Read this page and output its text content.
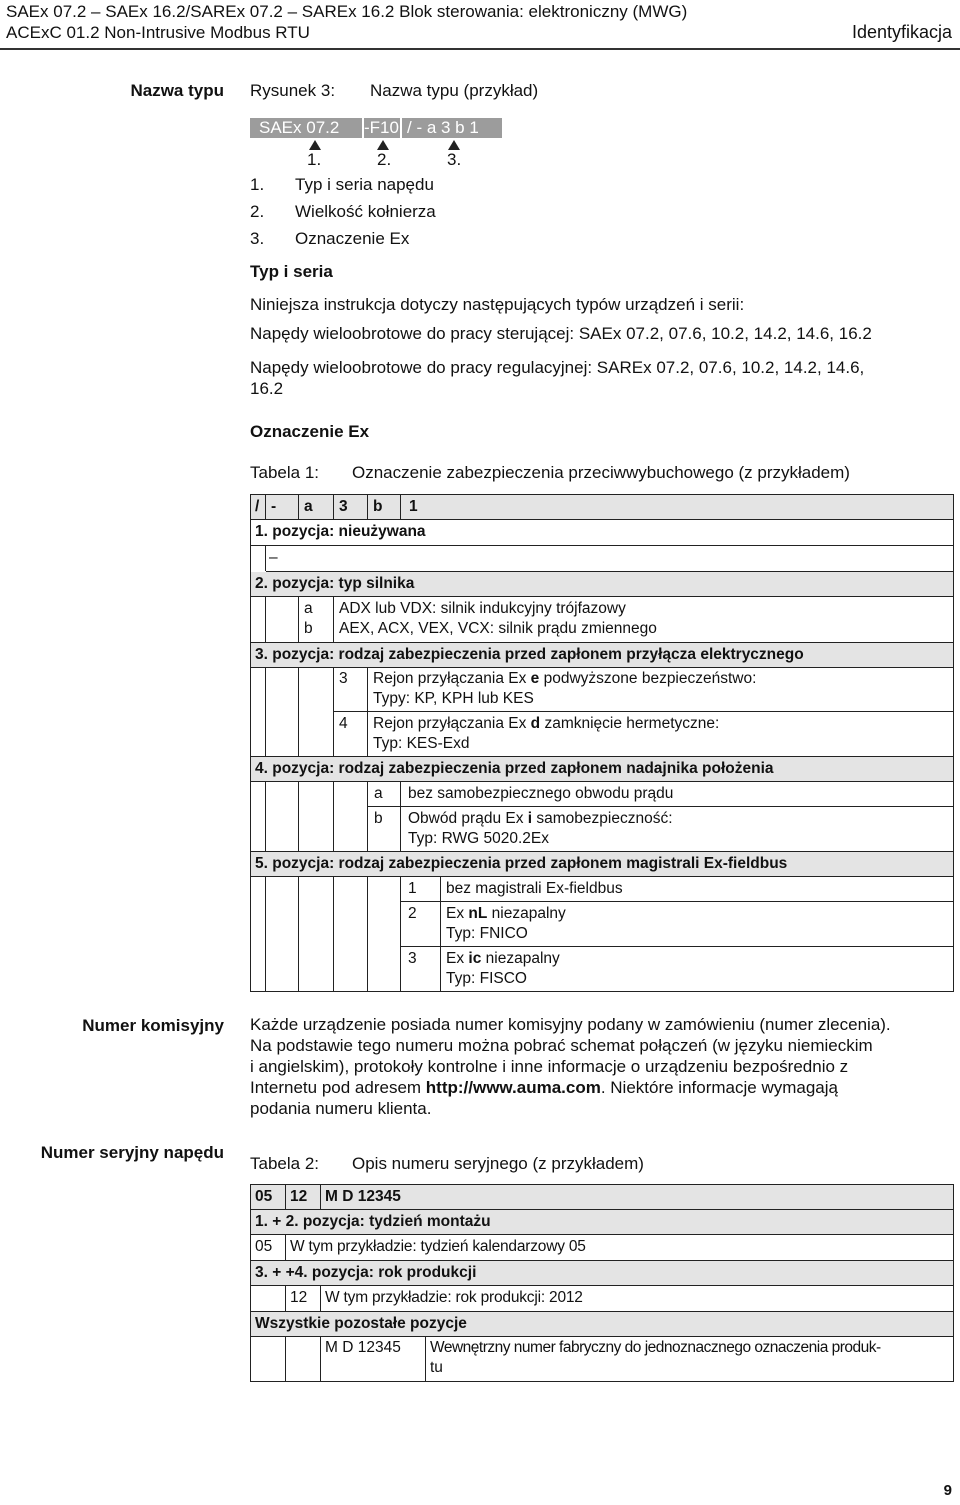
SAEx 07.2 – SAEx 16.2/SAREx 07.2 – SAREx 16.2 Blok sterowania: elektroniczny (MWG)
ACExC 01.2 Non-Intrusive Modbus RTU	Identyfikacja
Nazwa typu
Numer komisyjny
Numer seryjny napędu
Rysunek 3: Nazwa typu (przykład)
SAEx 07.2 -F10 / - a 3 b 1
1.	2.	3.
1. Typ i seria napędu
2. Wielkość kołnierza
3. Oznaczenie Ex
Typ i seria
Niniejsza instrukcja dotyczy następujących typów urządzeń i serii:
Napędy wieloobrotowe do pracy sterującej: SAEx 07.2, 07.6, 10.2, 14.2, 14.6, 16.2
Napędy wieloobrotowe do pracy regulacyjnej: SAREx 07.2, 07.6, 10.2, 14.2, 14.6,
16.2
Oznaczenie Ex
Tabela 1: Oznaczenie zabezpieczenia przeciwwybuchowego (z przykładem)
/ - a 3 b 1
1. pozycja: nieużywana
–
2. pozycja: typ silnika
a ADX lub VDX: silnik indukcyjny trójfazowy
b AEX, ACX, VEX, VCX: silnik prądu zmiennego
3. pozycja: rodzaj zabezpieczenia przed zapłonem przyłącza elektrycznego
3 Rejon przyłączania Ex e podwyższone bezpieczeństwo:
Typy: KP, KPH lub KES
4 Rejon przyłączania Ex d zamknięcie hermetyczne:
Typ: KES-Exd
4. pozycja: rodzaj zabezpieczenia przed zapłonem nadajnika położenia
a bez samobezpiecznego obwodu prądu
b Obwód prądu Ex i samobezpieczność:
Typ: RWG 5020.2Ex
5. pozycja: rodzaj zabezpieczenia przed zapłonem magistrali Ex-fieldbus
1 bez magistrali Ex-fieldbus
2 Ex nL niezapalny
Typ: FNICO
3 Ex ic niezapalny
Typ: FISCO
Każde urządzenie posiada numer komisyjny podany w zamówieniu (numer zlecenia).
Na podstawie tego numeru można pobrać schemat połączeń (w języku niemieckim
i angielskim), protokoły kontrolne i inne informacje o urządzeniu bezpośrednio z
Internetu pod adresem http://www.auma.com. Niektóre informacje wymagają
podania numeru klienta.
Tabela 2: Opis numeru seryjnego (z przykładem)
05 12 M D 12345
1. + 2. pozycja: tydzień montażu
05 W tym przykładzie: tydzień kalendarzowy 05
3. + +4. pozycja: rok produkcji
12 W tym przykładzie: rok produkcji: 2012
Wszystkie pozostałe pozycje
M D 12345 Wewnętrzny numer fabryczny do jednoznacznego oznaczenia produk-
tu
9
